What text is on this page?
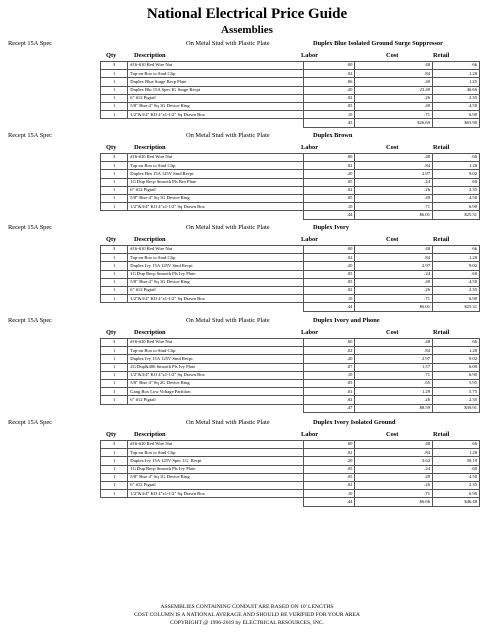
National Electrical Price Guide
Assemblies
Recept 15A Spec	On Metal Stud with Plastic Plate	Duplex Blue Isolated Ground Surge Suppressor
Qty	Description	Labor	Cost	Retail
3	#16-#10 Red Wire Nut	.00	.48	.66
1	Tap-on Box to Stud Clip	.02	.84	1.28
1	Duplex Blue Surge Recp Plate	.06	.40	1.25
1	Duplex Blu 15A Spec IG Surge Recpt	.20	23.49	46.66
1	6" #12 Pigtail	.02	.26	2.35
1	5/8" Rise 4" Sq 1G Device Ring	.05	.49	4.50
1	1/2"&3/4" KO 4"x1-1/2" Sq Drawn Box	.10	.71	6.90
		.45	$26.69	$63.90
Recept 15A Spec	On Metal Stud with Plastic Plate	Duplex Brown
Qty	Description	Labor	Cost	Retail
3	#16-#10 Red Wire Nut	.00	.48	.66
1	Tap-on Box to Stud Clip	.02	.84	1.28
1	Duplex Brn 15A 125V Stnd Recpt	.20	2.97	9.02
1	1G Dup Recp Smooth Pls Brn Plate	.05	.24	.60
1	6" #12 Pigtail	.02	.26	2.35
1	5/8" Rise 4" Sq 1G Device Ring	.05	.49	4.50
1	1/2"&3/4" KO 4"x1-1/2" Sq Drawn Box	.10	.71	6.90
		.44	$6.01	$25.31
Recept 15A Spec	On Metal Stud with Plastic Plate	Duplex Ivory
Qty	Description	Labor	Cost	Retail
3	#16-#10 Red Wire Nut	.00	.48	.66
1	Tap-on Box to Stud Clip	.02	.84	1.28
1	Duplex Ivy 15A 125V Stnd Recpt	.20	2.97	9.02
1	1G Dup Recp Smooth Pls Ivy Plate	.05	.24	.60
1	5/8" Rise 4" Sq 1G Device Ring	.05	.49	4.50
1	6" #12 Pigtail	.02	.26	2.35
1	1/2"&3/4" KO 4"x1-1/2" Sq Drawn Box	.10	.71	6.90
		.44	$6.01	$25.31
Recept 15A Spec	On Metal Stud with Plastic Plate	Duplex Ivory and Phone
Qty	Description	Labor	Cost	Retail
3	#16-#10 Red Wire Nut	.00	.48	.66
1	Tap-on Box to Stud Clip	.02	.84	1.28
1	Duplex Ivy 15A 125V Stnd Recpt	.20	2.97	9.02
1	2G Dup&406 Smooth Pls Ivy Plate	.07	1.57	6.00
1	1/2"&3/4" KO 4"x1-1/2" Sq Drawn Box	.10	.71	6.90
1	5/8" Rise 4" Sq 2G Device Ring	.05	.65	5.95
1	Gang Box Low Voltage Partition	.01	1.29	5.75
1	6" #12 Pigtail	.02	.26	2.35
		.47	$8.59	$39.91
Recept 15A Spec	On Metal Stud with Plastic Plate	Duplex Ivory Isolated Ground
Qty	Description	Labor	Cost	Retail
3	#16-#10 Red Wire Nut	.00	.48	.66
1	Tap-on Box to Stud Clip	.02	.84	1.28
1	Duplex Ivy 15A 125V Spec I.G. Recpt	.20	3.62	30.19
1	1G Dup Recp Smooth Pls Ivy Plate	.05	.24	.60
1	5/8" Rise 4" Sq 1G Device Ring	.05	.49	4.50
1	6" #12 Pigtail	.02	.26	2.35
1	1/2"&3/4" KO 4"x1-1/2" Sq Drawn Box	.10	.71	6.90
		.44	$6.66	$46.48
ASSEMBLIES CONTAINING CONDUIT ARE BASED ON 10' LENGTHS
COST COLUMN IS A NATIONAL AVERAGE AND SHOULD BE VERIFIED FOR YOUR AREA
COPYRIGHT @ 1996-2019 by ELECTRICAL RESOURCES, INC.
